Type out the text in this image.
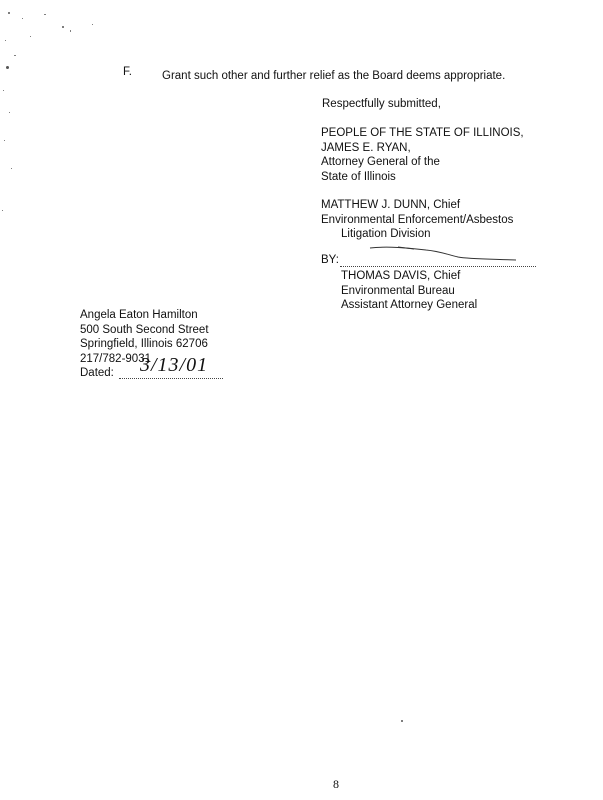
F.	Grant such other and further relief as the Board deems appropriate.
Respectfully submitted,
PEOPLE OF THE STATE OF ILLINOIS,
JAMES E. RYAN,
Attorney General of the
State of Illinois
MATTHEW J. DUNN, Chief
Environmental Enforcement/Asbestos
Litigation Division
BY:
THOMAS DAVIS, Chief
Environmental Bureau
Assistant Attorney General
Angela Eaton Hamilton
500 South Second Street
Springfield, Illinois 62706
217/782-9031
Dated:	3/13/01
8
